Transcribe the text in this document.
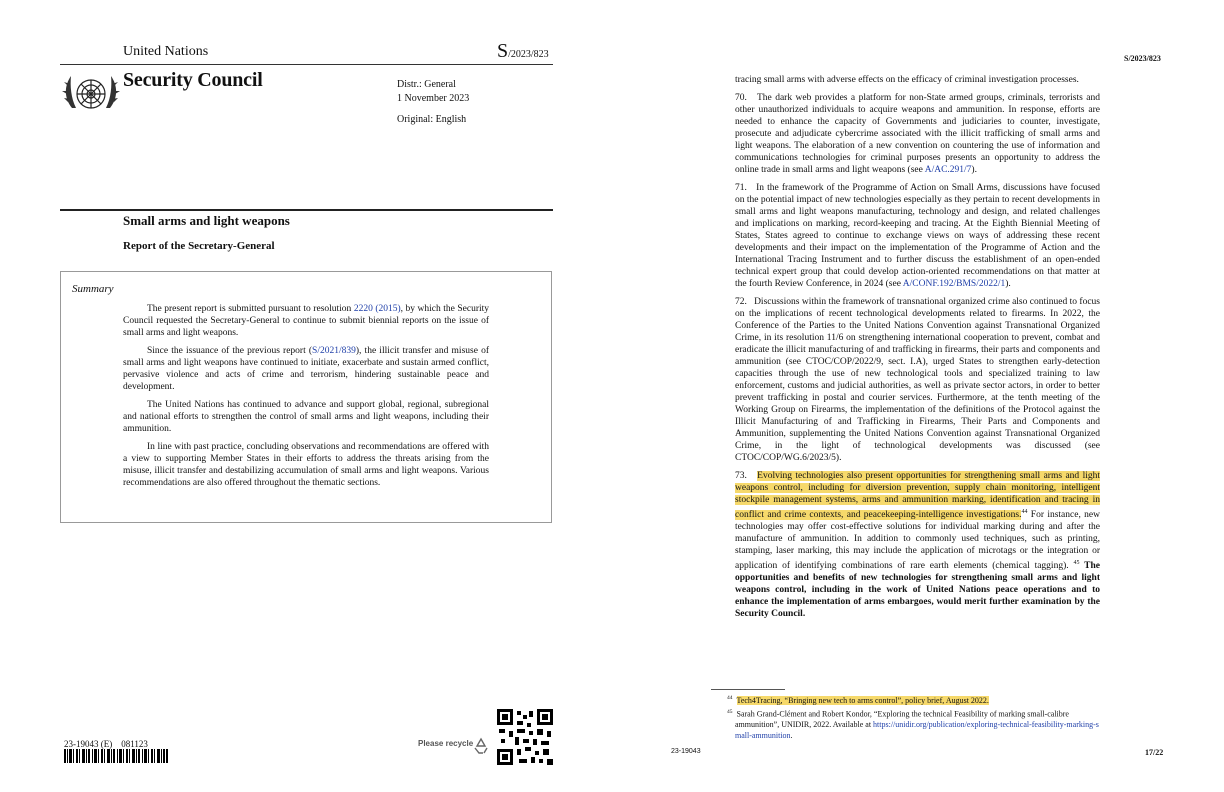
United Nations	S/2023/823
Security Council	Distr.: General
1 November 2023
Original: English
Small arms and light weapons
Report of the Secretary-General
Summary

The present report is submitted pursuant to resolution 2220 (2015), by which the Security Council requested the Secretary-General to continue to submit biennial reports on the issue of small arms and light weapons.

Since the issuance of the previous report (S/2021/839), the illicit transfer and misuse of small arms and light weapons have continued to initiate, exacerbate and sustain armed conflict, pervasive violence and acts of crime and terrorism, hindering sustainable peace and development.

The United Nations has continued to advance and support global, regional, subregional and national efforts to strengthen the control of small arms and light weapons, including their ammunition.

In line with past practice, concluding observations and recommendations are offered with a view to supporting Member States in their efforts to address the threats arising from the misuse, illicit transfer and destabilizing accumulation of small arms and light weapons. Various recommendations are also offered throughout the thematic sections.

23-19043 (E)    081123	Please recycle
S/2023/823

tracing small arms with adverse effects on the efficacy of criminal investigation processes.

70.   The dark web provides a platform for non-State armed groups, criminals, terrorists and other unauthorized individuals to acquire weapons and ammunition. In response, efforts are needed to enhance the capacity of Governments and judiciaries to counter, investigate, prosecute and adjudicate cybercrime associated with the illicit trafficking of small arms and light weapons. The elaboration of a new convention on countering the use of information and communications technologies for criminal purposes presents an opportunity to address the online trade in small arms and light weapons (see A/AC.291/7).

71.   In the framework of the Programme of Action on Small Arms, discussions have focused on the potential impact of new technologies especially as they pertain to recent developments in small arms and light weapons manufacturing, technology and design, and related challenges and implications on marking, record-keeping and tracing. At the Eighth Biennial Meeting of States, States agreed to continue to exchange views on ways of addressing these recent developments and their impact on the implementation of the Programme of Action and the International Tracing Instrument and to further discuss the establishment of an open-ended technical expert group that could develop action-oriented recommendations on that matter at the fourth Review Conference, in 2024 (see A/CONF.192/BMS/2022/1).

72.   Discussions within the framework of transnational organized crime also continued to focus on the implications of recent technological developments related to firearms. In 2022, the Conference of the Parties to the United Nations Convention against Transnational Organized Crime, in its resolution 11/6 on strengthening international cooperation to prevent, combat and eradicate the illicit manufacturing of and trafficking in firearms, their parts and components and ammunition (see CTOC/COP/2022/9, sect. I.A), urged States to strengthen early-detection capacities through the use of new technological tools and specialized training to law enforcement, customs and judicial authorities, as well as private sector actors, in order to better prevent trafficking in postal and courier services. Furthermore, at the tenth meeting of the Working Group on Firearms, the implementation of the definitions of the Protocol against the Illicit Manufacturing of and Trafficking in Firearms, Their Parts and Components and Ammunition, supplementing the United Nations Convention against Transnational Organized Crime, in the light of technological developments was discussed (see CTOC/COP/WG.6/2023/5).

73.   Evolving technologies also present opportunities for strengthening small arms and light weapons control, including for diversion prevention, supply chain monitoring, intelligent stockpile management systems, arms and ammunition marking, identification and tracing in conflict and crime contexts, and peacekeeping-intelligence investigations.$^{44}$ For instance, new technologies may offer cost-effective solutions for individual marking during and after the manufacture of ammunition. In addition to commonly used techniques, such as printing, stamping, laser marking, this may include the application of microtags or the integration or application of identifying combinations of rare earth elements (chemical tagging). $^{45}$ The opportunities and benefits of new technologies for strengthening small arms and light weapons control, including in the work of United Nations peace operations and to enhance the implementation of arms embargoes, would merit further examination by the Security Council.

$^{44}$ Tech4Tracing, “Bringing new tech to arms control”, policy brief, August 2022.

$^{45}$ Sarah Grand-Clément and Robert Kondor, “Exploring the technical Feasibility of marking small-calibre ammunition”, UNIDIR, 2022. Available at https://unidir.org/publication/exploring-technical-feasibility-marking-small-ammunition.

23-19043	17/22
